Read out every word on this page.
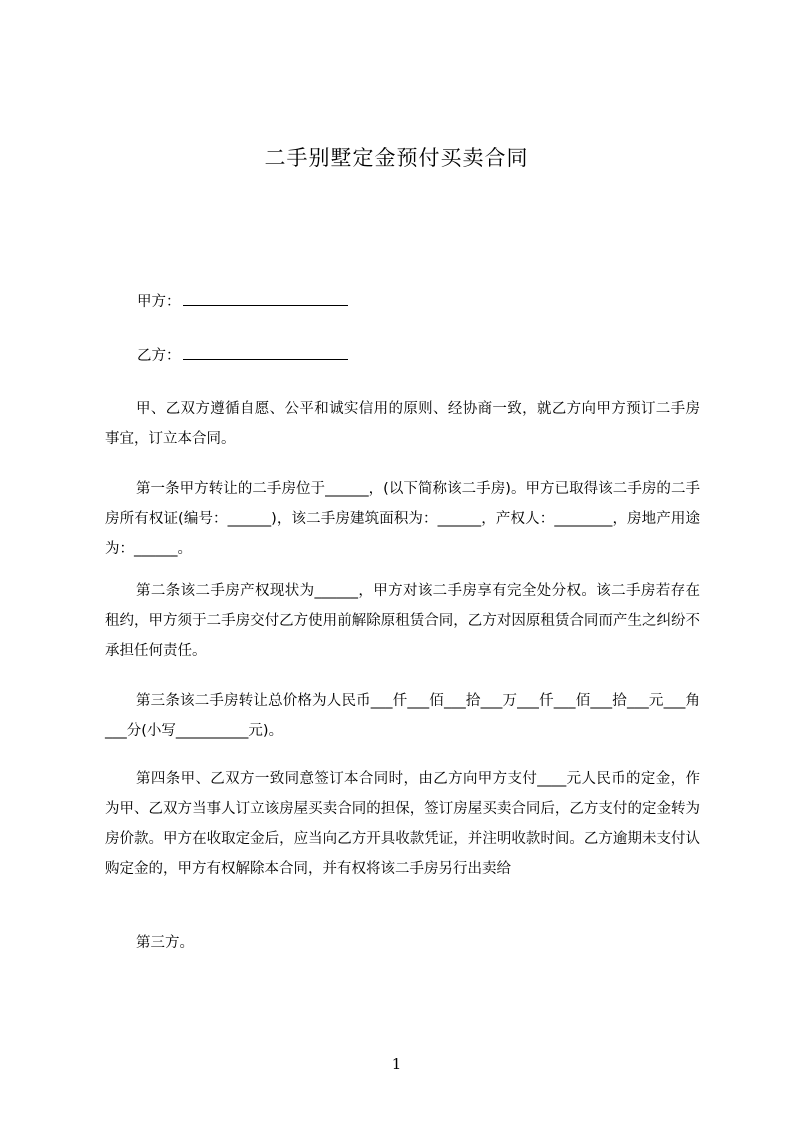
二手别墅定金预付买卖合同
甲方：
乙方：
甲、乙双方遵循自愿、公平和诚实信用的原则、经协商一致，就乙方向甲方预订二手房事宜，订立本合同。
第一条甲方转让的二手房位于______，(以下简称该二手房)。甲方已取得该二手房的二手房所有权证(编号：______)，该二手房建筑面积为：______，产权人：________，房地产用途为：______。
第二条该二手房产权现状为______，甲方对该二手房享有完全处分权。该二手房若存在租约，甲方须于二手房交付乙方使用前解除原租赁合同，乙方对因原租赁合同而产生之纠纷不承担任何责任。
第三条该二手房转让总价格为人民币___仟___佰___拾___万___仟___佰___拾___元___角___分(小写__________元)。
第四条甲、乙双方一致同意签订本合同时，由乙方向甲方支付____元人民币的定金，作为甲、乙双方当事人订立该房屋买卖合同的担保，签订房屋买卖合同后，乙方支付的定金转为房价款。甲方在收取定金后，应当向乙方开具收款凭证，并注明收款时间。乙方逾期未支付认购定金的，甲方有权解除本合同，并有权将该二手房另行出卖给
第三方。
1
